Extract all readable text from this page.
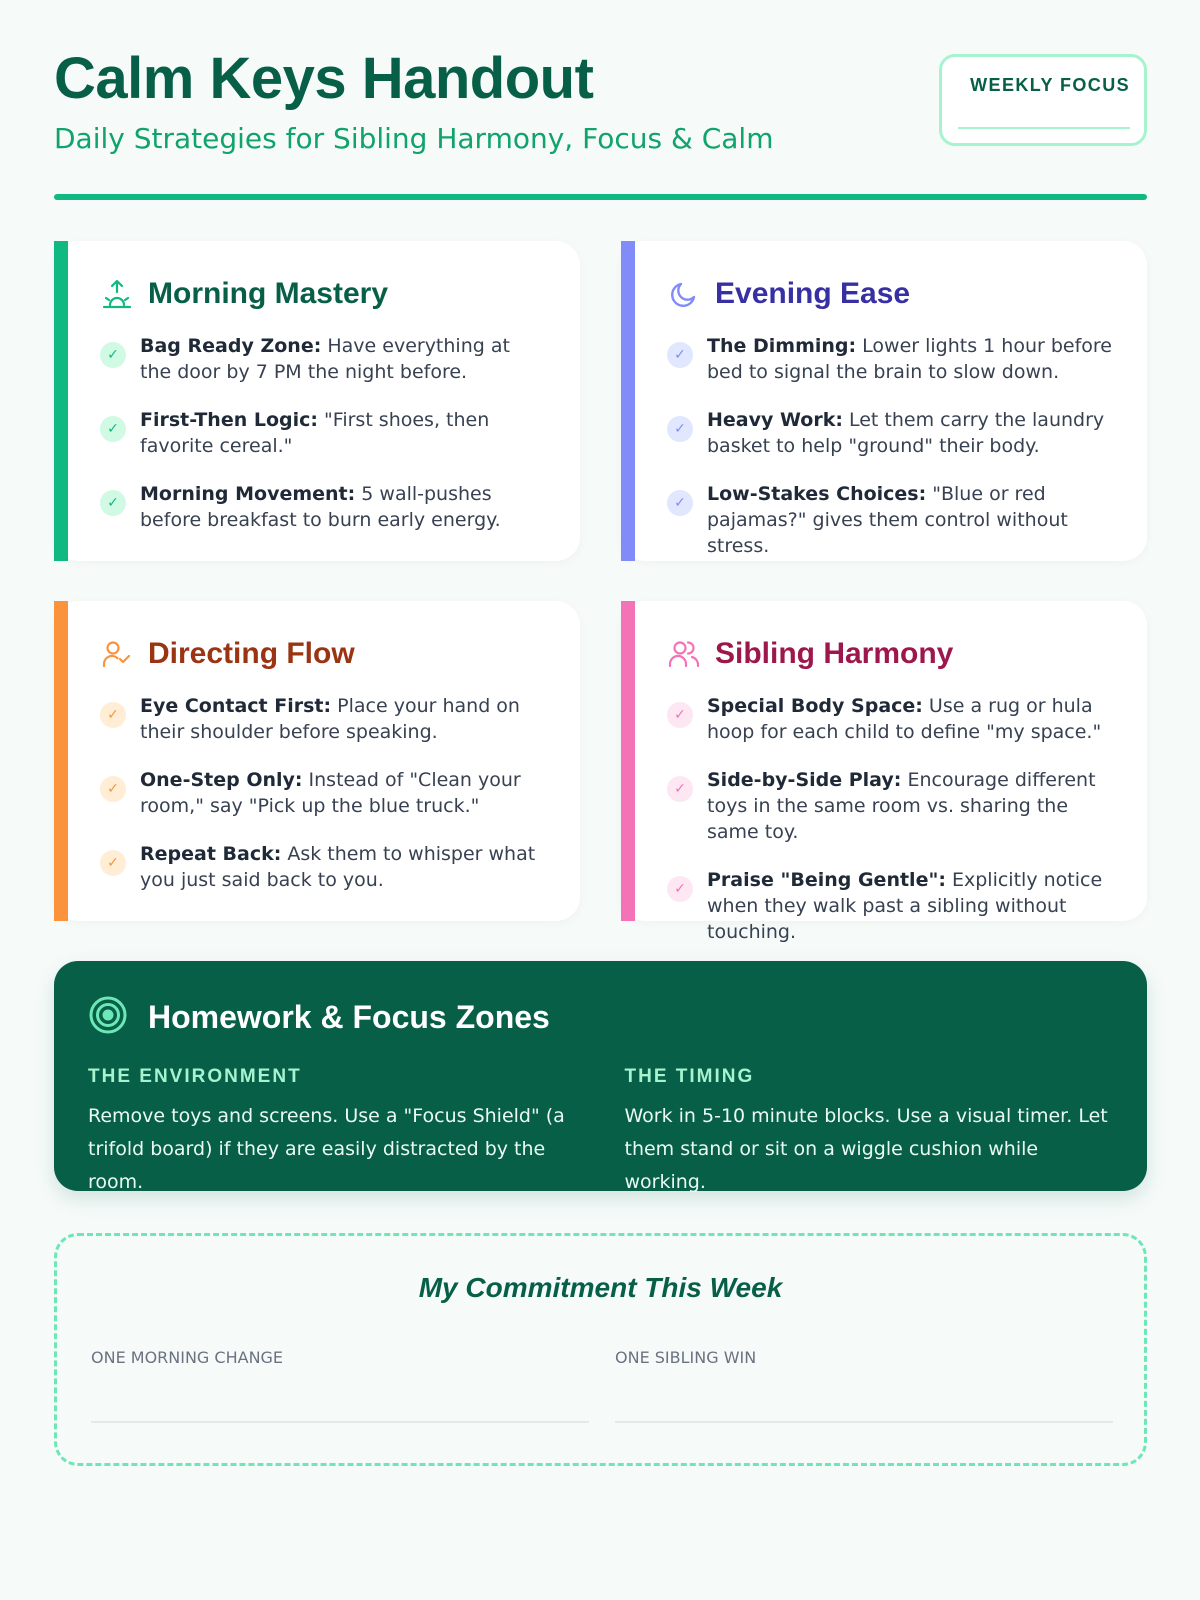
Calm Keys Handout
Daily Strategies for Sibling Harmony, Focus & Calm
WEEKLY FOCUS
Morning Mastery
✓	Bag Ready Zone: Have everything at the door by 7 PM the night before.
✓	First-Then Logic: "First shoes, then favorite cereal."
✓	Morning Movement: 5 wall-pushes before breakfast to burn early energy.
Evening Ease
✓	The Dimming: Lower lights 1 hour before bed to signal the brain to slow down.
✓	Heavy Work: Let them carry the laundry basket to help "ground" their body.
✓	Low-Stakes Choices: "Blue or red pajamas?" gives them control without stress.
Directing Flow
✓	Eye Contact First: Place your hand on their shoulder before speaking.
✓	One-Step Only: Instead of "Clean your room," say "Pick up the blue truck."
✓	Repeat Back: Ask them to whisper what you just said back to you.
Sibling Harmony
✓	Special Body Space: Use a rug or hula hoop for each child to define "my space."
✓	Side-by-Side Play: Encourage different toys in the same room vs. sharing the same toy.
✓	Praise "Being Gentle": Explicitly notice when they walk past a sibling without touching.
Homework & Focus Zones
THE ENVIRONMENT
Remove toys and screens. Use a "Focus Shield" (a trifold board) if they are easily distracted by the room.
THE TIMING
Work in 5-10 minute blocks. Use a visual timer. Let them stand or sit on a wiggle cushion while working.
My Commitment This Week
ONE MORNING CHANGE	ONE SIBLING WIN
